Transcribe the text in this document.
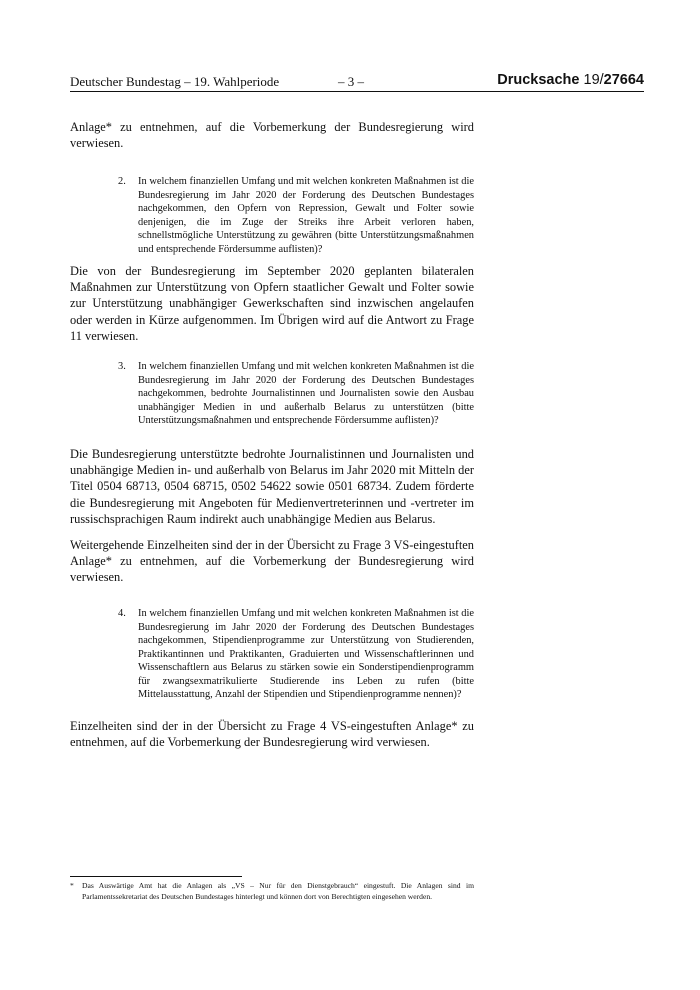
Deutscher Bundestag – 19. Wahlperiode	– 3 –	Drucksache 19/27664
Anlage* zu entnehmen, auf die Vorbemerkung der Bundesregierung wird verwiesen.
2. In welchem finanziellen Umfang und mit welchen konkreten Maßnahmen ist die Bundesregierung im Jahr 2020 der Forderung des Deutschen Bundestages nachgekommen, den Opfern von Repression, Gewalt und Folter sowie denjenigen, die im Zuge der Streiks ihre Arbeit verloren haben, schnellstmögliche Unterstützung zu gewähren (bitte Unterstützungsmaßnahmen und entsprechende Fördersumme auflisten)?
Die von der Bundesregierung im September 2020 geplanten bilateralen Maßnahmen zur Unterstützung von Opfern staatlicher Gewalt und Folter sowie zur Unterstützung unabhängiger Gewerkschaften sind inzwischen angelaufen oder werden in Kürze aufgenommen. Im Übrigen wird auf die Antwort zu Frage 11 verwiesen.
3. In welchem finanziellen Umfang und mit welchen konkreten Maßnahmen ist die Bundesregierung im Jahr 2020 der Forderung des Deutschen Bundestages nachgekommen, bedrohte Journalistinnen und Journalisten sowie den Ausbau unabhängiger Medien in und außerhalb Belarus zu unterstützen (bitte Unterstützungsmaßnahmen und entsprechende Fördersumme auflisten)?
Die Bundesregierung unterstützte bedrohte Journalistinnen und Journalisten und unabhängige Medien in- und außerhalb von Belarus im Jahr 2020 mit Mitteln der Titel 0504 68713, 0504 68715, 0502 54622 sowie 0501 68734. Zudem förderte die Bundesregierung mit Angeboten für Medienvertreterinnen und -vertreter im russischsprachigen Raum indirekt auch unabhängige Medien aus Belarus.
Weitergehende Einzelheiten sind der in der Übersicht zu Frage 3 VS-eingestuften Anlage* zu entnehmen, auf die Vorbemerkung der Bundesregierung wird verwiesen.
4. In welchem finanziellen Umfang und mit welchen konkreten Maßnahmen ist die Bundesregierung im Jahr 2020 der Forderung des Deutschen Bundestages nachgekommen, Stipendienprogramme zur Unterstützung von Studierenden, Praktikantinnen und Praktikanten, Graduierten und Wissenschaftlerinnen und Wissenschaftlern aus Belarus zu stärken sowie ein Sonderstipendienprogramm für zwangsexmatrikulierte Studierende ins Leben zu rufen (bitte Mittelausstattung, Anzahl der Stipendien und Stipendienprogramme nennen)?
Einzelheiten sind der in der Übersicht zu Frage 4 VS-eingestuften Anlage* zu entnehmen, auf die Vorbemerkung der Bundesregierung wird verwiesen.
* Das Auswärtige Amt hat die Anlagen als „VS – Nur für den Dienstgebrauch“ eingestuft. Die Anlagen sind im Parlamentssekretariat des Deutschen Bundestages hinterlegt und können dort von Berechtigten eingesehen werden.
